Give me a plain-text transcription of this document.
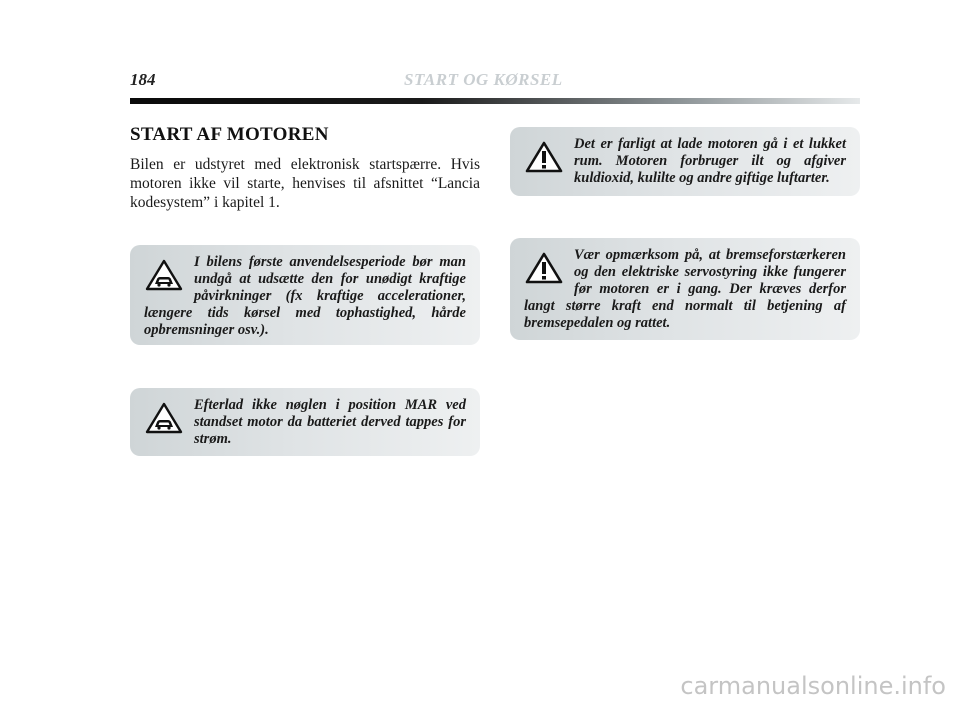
184	START OG KØRSEL
START AF MOTOREN

Bilen er udstyret med elektronisk startspærre. Hvis motoren ikke vil starte, henvises til afsnittet “Lancia kodesystem” i kapitel 1.

I bilens første anvendelsesperiode bør man undgå at udsætte den for unødigt kraftige påvirkninger (fx kraftige accelerationer, længere tids kørsel med tophastighed, hårde opbremsninger osv.).
Efterlad ikke nøglen i position MAR ved standset motor da batteriet derved tappes for strøm.
Det er farligt at lade motoren gå i et lukket rum. Motoren forbruger ilt og afgiver kuldioxid, kulilte og andre giftige luftarter.
Vær opmærksom på, at bremseforstærkeren og den elektriske servostyring ikke fungerer før motoren er i gang. Der kræves derfor langt større kraft end normalt til betjening af bremsepedalen og rattet.
carmanualsonline.info
